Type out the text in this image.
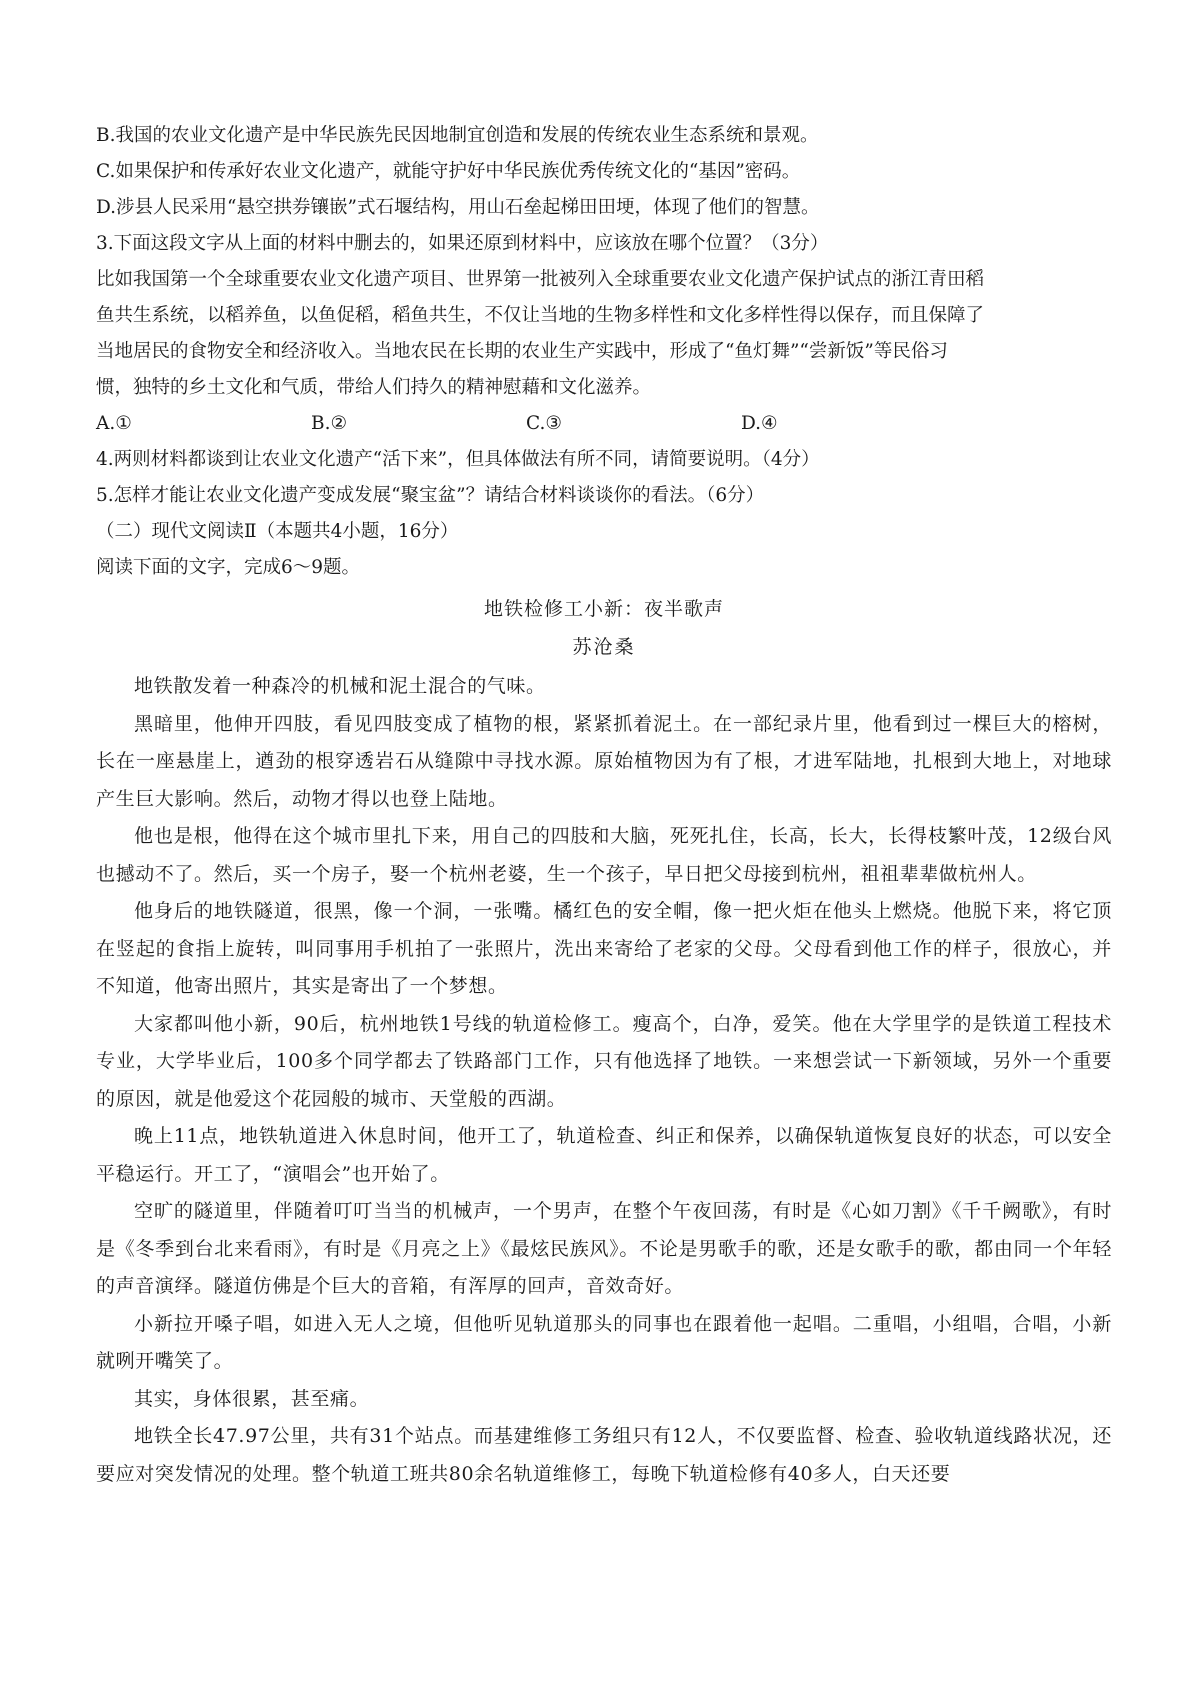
B.我国的农业文化遗产是中华民族先民因地制宜创造和发展的传统农业生态系统和景观。

C.如果保护和传承好农业文化遗产，就能守护好中华民族优秀传统文化的“基因”密码。

D.涉县人民采用“悬空拱券镶嵌”式石堰结构，用山石垒起梯田田埂，体现了他们的智慧。

3.下面这段文字从上面的材料中删去的，如果还原到材料中，应该放在哪个位置？（3分）

比如我国第一个全球重要农业文化遗产项目、世界第一批被列入全球重要农业文化遗产保护试点的浙江青田稻

鱼共生系统，以稻养鱼，以鱼促稻，稻鱼共生，不仅让当地的生物多样性和文化多样性得以保存，而且保障了

当地居民的食物安全和经济收入。当地农民在长期的农业生产实践中，形成了“鱼灯舞”“尝新饭”等民俗习

惯，独特的乡土文化和气质，带给人们持久的精神慰藉和文化滋养。

A.①	B.②	C.③	D.④

4.两则材料都谈到让农业文化遗产“活下来”，但具体做法有所不同，请简要说明。（4分）

5.怎样才能让农业文化遗产变成发展“聚宝盆”？请结合材料谈谈你的看法。（6分）

（二）现代文阅读Ⅱ（本题共4小题，16分）

阅读下面的文字，完成6～9题。

地铁检修工小新：夜半歌声
苏沧桑

地铁散发着一种森冷的机械和泥土混合的气味。

黑暗里，他伸开四肢，看见四肢变成了植物的根，紧紧抓着泥土。在一部纪录片里，他看到过一棵巨大的榕树，长在一座悬崖上，遒劲的根穿透岩石从缝隙中寻找水源。原始植物因为有了根，才进军陆地，扎根到大地上，对地球产生巨大影响。然后，动物才得以也登上陆地。

他也是根，他得在这个城市里扎下来，用自己的四肢和大脑，死死扎住，长高，长大，长得枝繁叶茂，12级台风也撼动不了。然后，买一个房子，娶一个杭州老婆，生一个孩子，早日把父母接到杭州，祖祖辈辈做杭州人。

他身后的地铁隧道，很黑，像一个洞，一张嘴。橘红色的安全帽，像一把火炬在他头上燃烧。他脱下来，将它顶在竖起的食指上旋转，叫同事用手机拍了一张照片，洗出来寄给了老家的父母。父母看到他工作的样子，很放心，并不知道，他寄出照片，其实是寄出了一个梦想。

大家都叫他小新，90后，杭州地铁1号线的轨道检修工。瘦高个，白净，爱笑。他在大学里学的是铁道工程技术专业，大学毕业后，100多个同学都去了铁路部门工作，只有他选择了地铁。一来想尝试一下新领域，另外一个重要的原因，就是他爱这个花园般的城市、天堂般的西湖。

晚上11点，地铁轨道进入休息时间，他开工了，轨道检查、纠正和保养，以确保轨道恢复良好的状态，可以安全平稳运行。开工了，“演唱会”也开始了。

空旷的隧道里，伴随着叮叮当当的机械声，一个男声，在整个午夜回荡，有时是《心如刀割》《千千阙歌》，有时是《冬季到台北来看雨》，有时是《月亮之上》《最炫民族风》。不论是男歌手的歌，还是女歌手的歌，都由同一个年轻的声音演绎。隧道仿佛是个巨大的音箱，有浑厚的回声，音效奇好。

小新拉开嗓子唱，如进入无人之境，但他听见轨道那头的同事也在跟着他一起唱。二重唱，小组唱，合唱，小新就咧开嘴笑了。

其实，身体很累，甚至痛。

地铁全长47.97公里，共有31个站点。而基建维修工务组只有12人，不仅要监督、检查、验收轨道线路状况，还要应对突发情况的处理。整个轨道工班共80余名轨道维修工，每晚下轨道检修有40多人，白天还要
